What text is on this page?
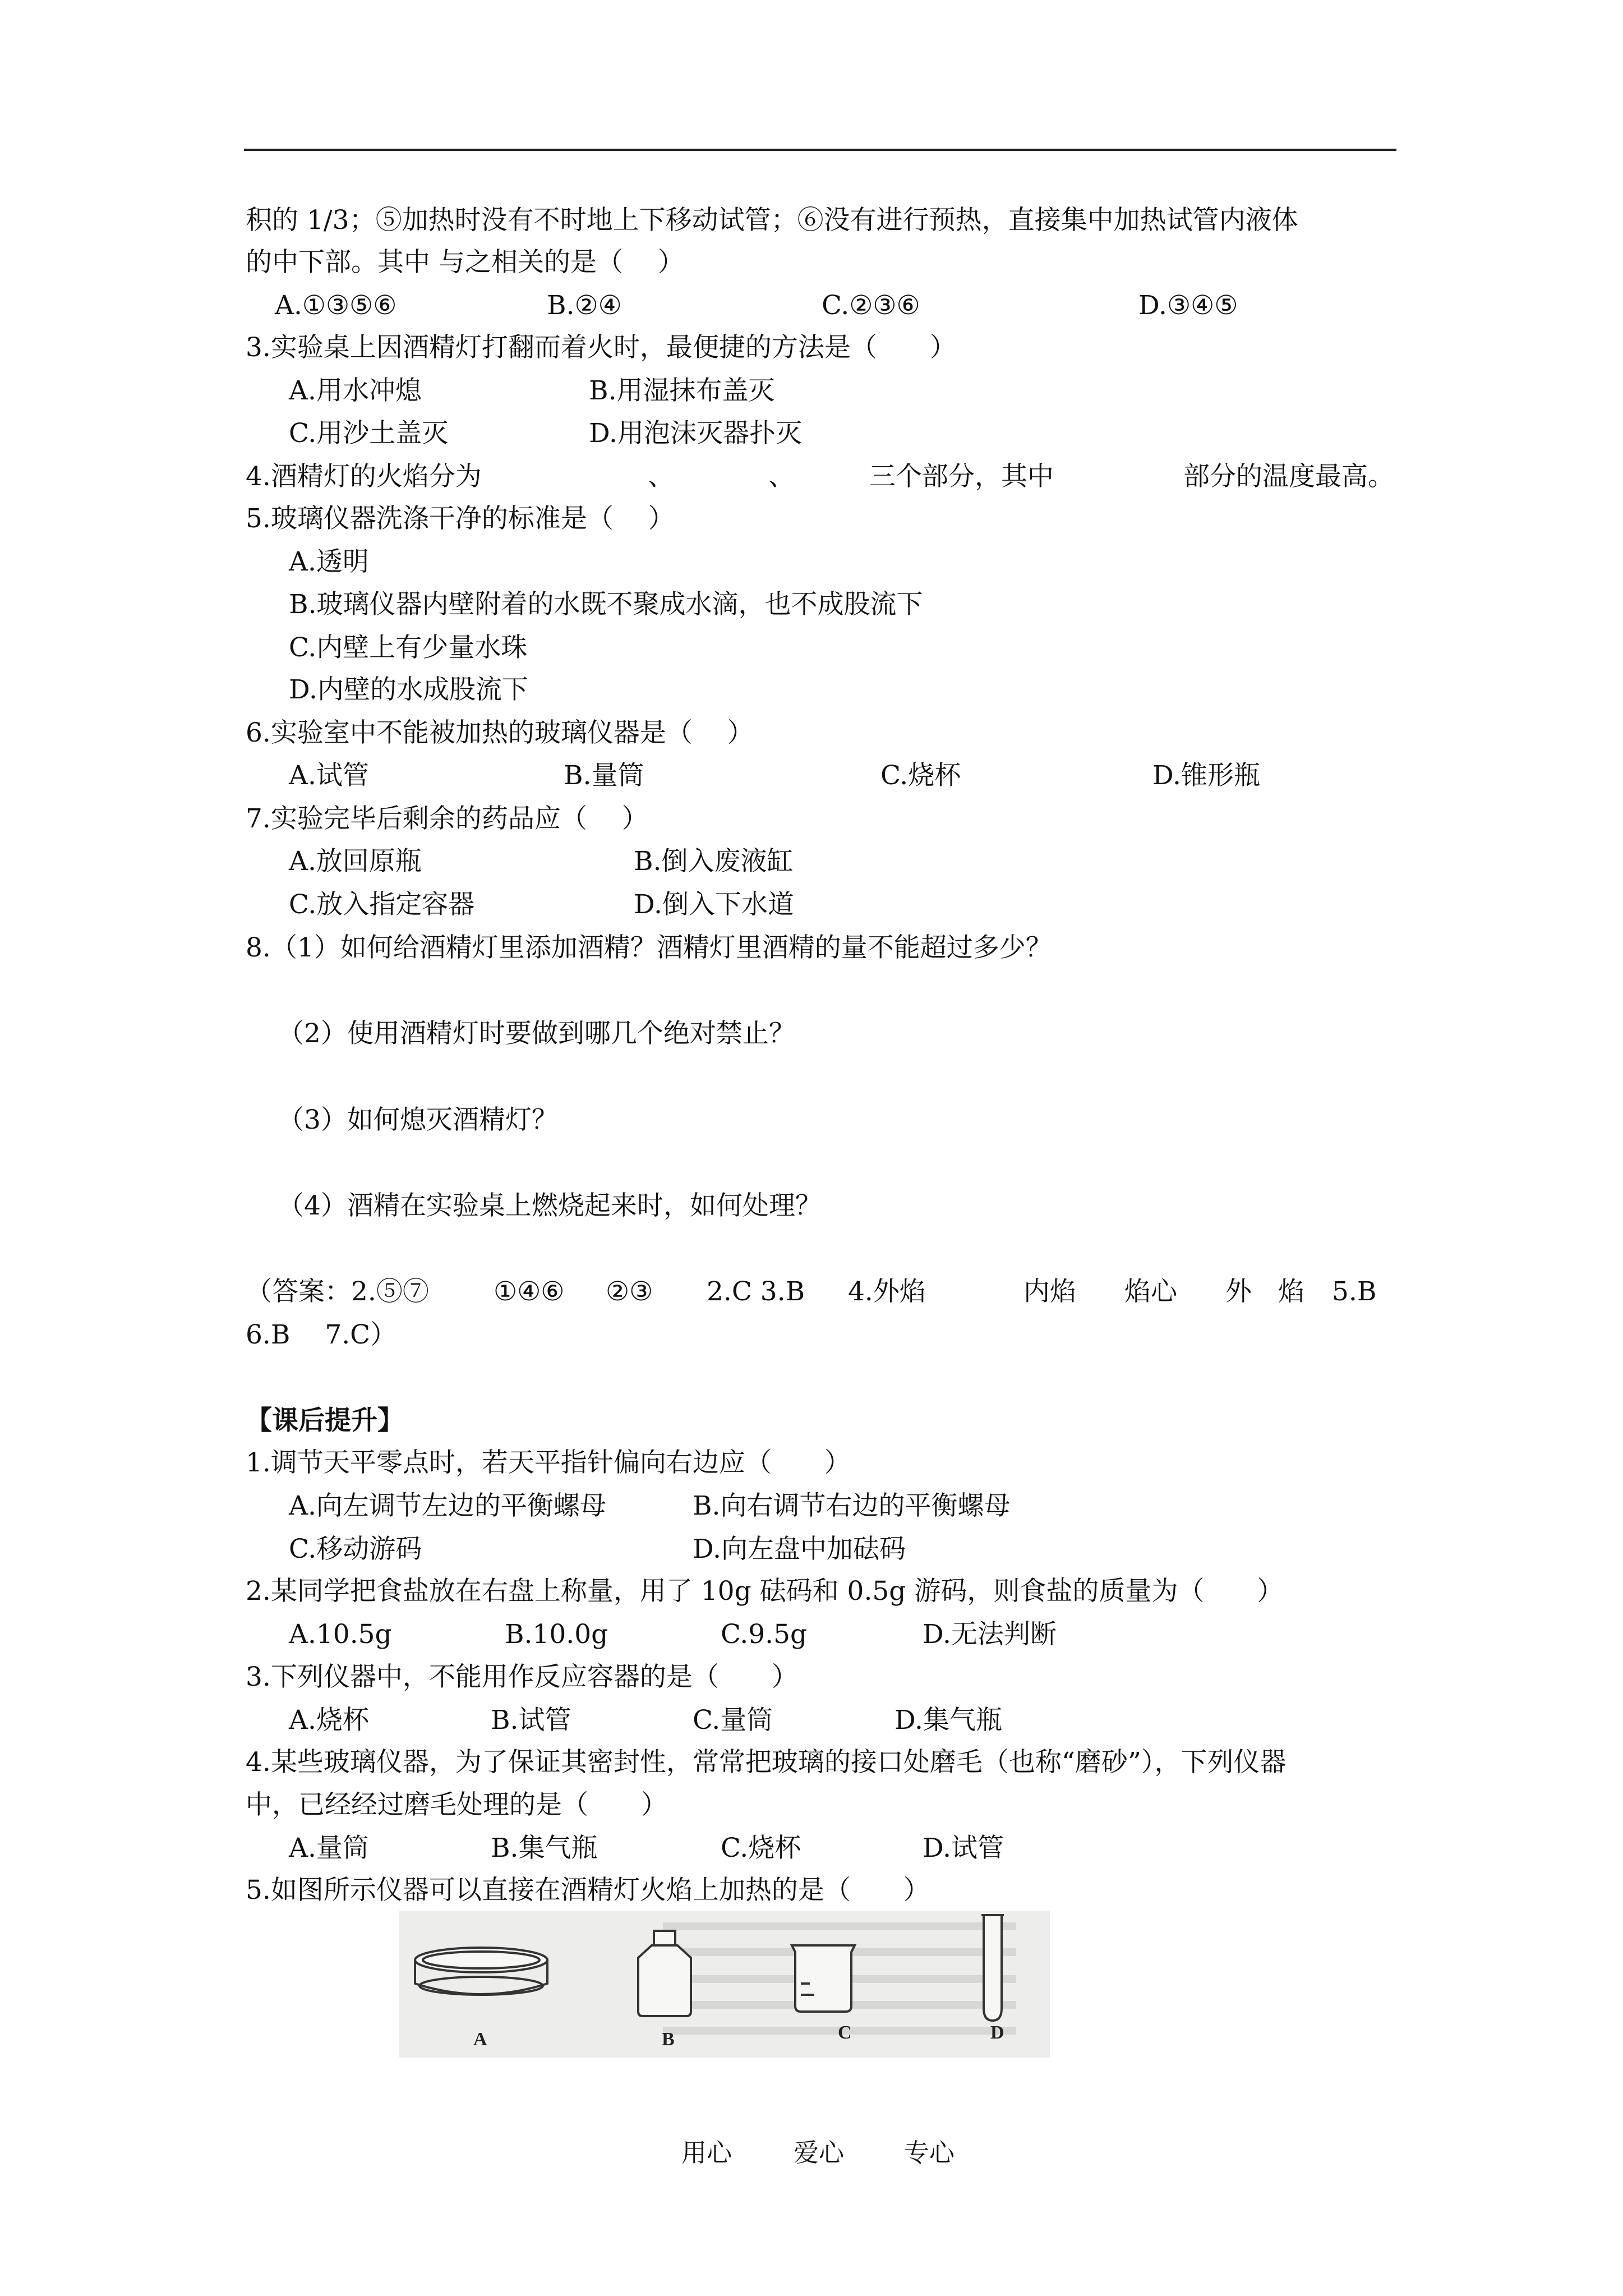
积的 1/3；⑤加热时没有不时地上下移动试管；⑥没有进行预热，直接集中加热试管内液体
的中下部。其中 与之相关的是（　 ）
A.①③⑤⑥	B.②④	C.②③⑥	D.③④⑤
3.实验桌上因酒精灯打翻而着火时，最便捷的方法是（　　）
A.用水冲熄	B.用湿抹布盖灭
C.用沙土盖灭	D.用泡沫灭器扑灭
4.酒精灯的火焰分为	、	、	三个部分，其中	部分的温度最高。
5.玻璃仪器洗涤干净的标准是（　 ）
A.透明
B.玻璃仪器内壁附着的水既不聚成水滴，也不成股流下
C.内壁上有少量水珠
D.内壁的水成股流下
6.实验室中不能被加热的玻璃仪器是（　 ）
A.试管	B.量筒	C.烧杯	D.锥形瓶
7.实验完毕后剩余的药品应（　 ）
A.放回原瓶	B.倒入废液缸
C.放入指定容器	D.倒入下水道
8.（1）如何给酒精灯里添加酒精？酒精灯里酒精的量不能超过多少？
（2）使用酒精灯时要做到哪几个绝对禁止？
（3）如何熄灭酒精灯？
（4）酒精在实验桌上燃烧起来时，如何处理？
（答案：2.⑤⑦ ①④⑥ ②③ 2.C 3.B 4.外焰	内焰 焰心 外　焰 5.B
6.B　 7.C）
【课后提升】
1.调节天平零点时，若天平指针偏向右边应（　　）
A.向左调节左边的平衡螺母	B.向右调节右边的平衡螺母
C.移动游码	D.向左盘中加砝码
2.某同学把食盐放在右盘上称量，用了 10g 砝码和 0.5g 游码，则食盐的质量为（　　）
A.10.5g	B.10.0g	C.9.5g	D.无法判断
3.下列仪器中，不能用作反应容器的是（　　）
A.烧杯	B.试管	C.量筒	D.集气瓶
4.某些玻璃仪器，为了保证其密封性，常常把玻璃的接口处磨毛（也称“磨砂”），下列仪器
中，已经经过磨毛处理的是（　　）
A.量筒	B.集气瓶	C.烧杯	D.试管
5.如图所示仪器可以直接在酒精灯火焰上加热的是（　　）
A	B	C	D
用心 爱心 专心
